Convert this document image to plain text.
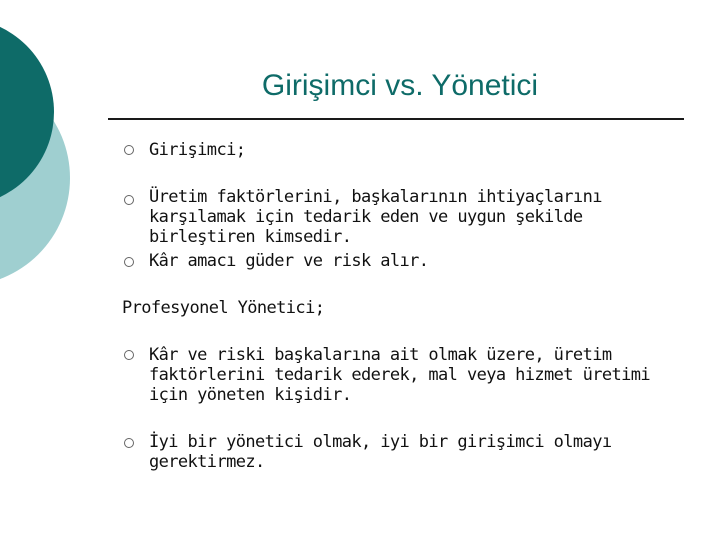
Girişimci vs. Yönetici
Girişimci;
Üretim faktörlerini, başkalarının ihtiyaçlarını
karşılamak için tedarik eden ve uygun şekilde
birleştiren kimsedir.
Kâr amacı güder ve risk alır.
Profesyonel Yönetici;
Kâr ve riski başkalarına ait olmak üzere, üretim
faktörlerini tedarik ederek, mal veya hizmet üretimi
için yöneten kişidir.
İyi bir yönetici olmak, iyi bir girişimci olmayı
gerektirmez.
